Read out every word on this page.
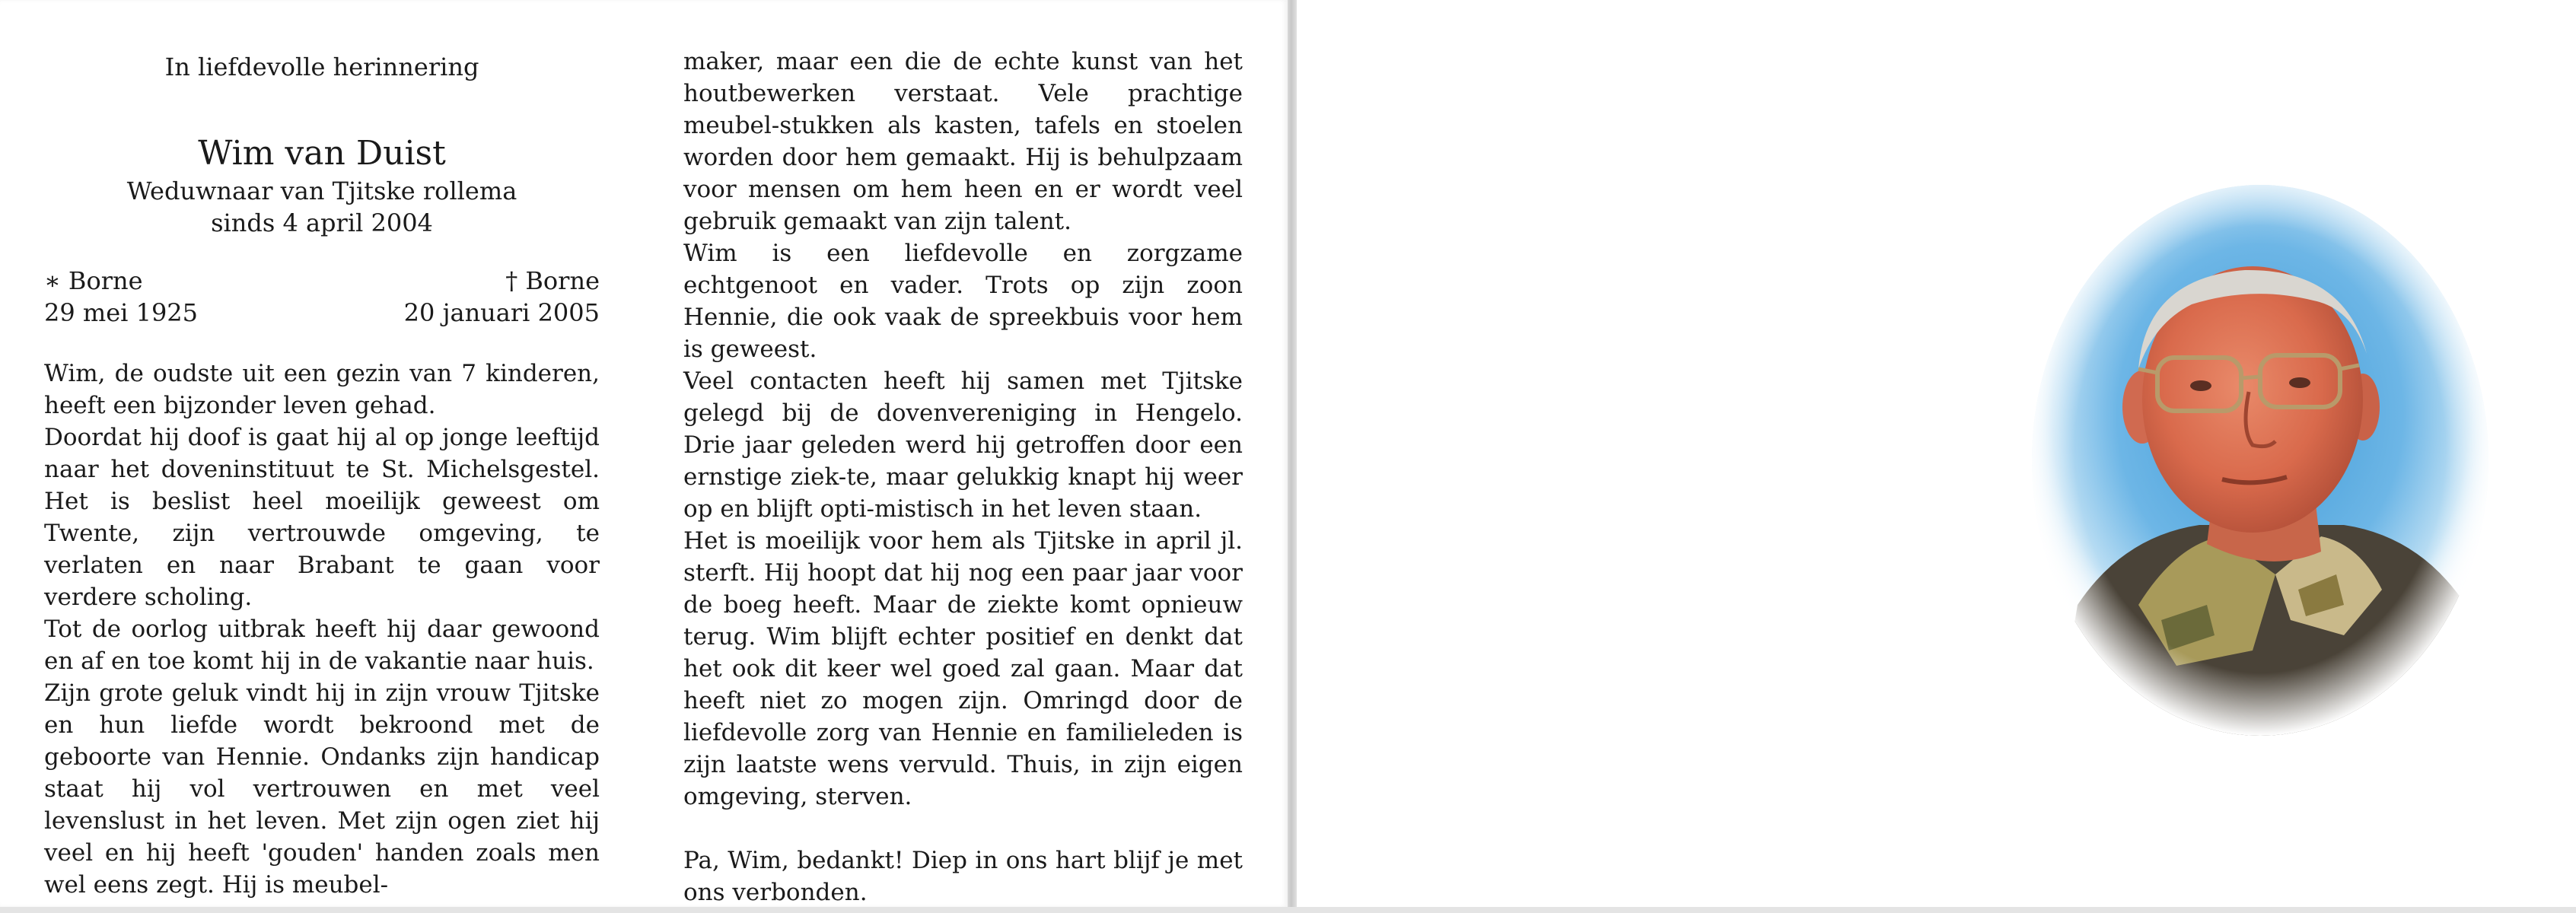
In liefdevolle herinnering
Wim van Duist
Weduwnaar van Tjitske rollema
sinds 4 april 2004
∗ Borne
29 mei 1925
† Borne
20 januari 2005

Wim, de oudste uit een gezin van 7 kinderen, heeft een bijzonder leven gehad.

Doordat hij doof is gaat hij al op jonge leeftijd naar het doveninstituut te St. Michelsgestel. Het is beslist heel moeilijk geweest om Twente, zijn vertrouwde omgeving, te verlaten en naar Brabant te gaan voor verdere scholing.

Tot de oorlog uitbrak heeft hij daar gewoond en af en toe komt hij in de vakantie naar huis.

Zijn grote geluk vindt hij in zijn vrouw Tjitske en hun liefde wordt bekroond met de geboorte van Hennie. Ondanks zijn handicap staat hij vol vertrouwen en met veel levenslust in het leven. Met zijn ogen ziet hij veel en hij heeft 'gouden' handen zoals men wel eens zegt. Hij is meubel-

maker, maar een die de echte kunst van het houtbewerken verstaat. Vele prachtige meubel-stukken als kasten, tafels en stoelen worden door hem gemaakt. Hij is behulpzaam voor mensen om hem heen en er wordt veel gebruik gemaakt van zijn talent.

Wim is een liefdevolle en zorgzame echtgenoot en vader. Trots op zijn zoon Hennie, die ook vaak de spreekbuis voor hem is geweest.

Veel contacten heeft hij samen met Tjitske gelegd bij de dovenvereniging in Hengelo. Drie jaar geleden werd hij getroffen door een ernstige ziek-te, maar gelukkig knapt hij weer op en blijft opti-mistisch in het leven staan.

Het is moeilijk voor hem als Tjitske in april jl. sterft. Hij hoopt dat hij nog een paar jaar voor de boeg heeft. Maar de ziekte komt opnieuw terug. Wim blijft echter positief en denkt dat het ook dit keer wel goed zal gaan. Maar dat heeft niet zo mogen zijn. Omringd door de liefdevolle zorg van Hennie en familieleden is zijn laatste wens vervuld. Thuis, in zijn eigen omgeving, sterven.

Pa, Wim, bedankt! Diep in ons hart blijf je met ons verbonden.
